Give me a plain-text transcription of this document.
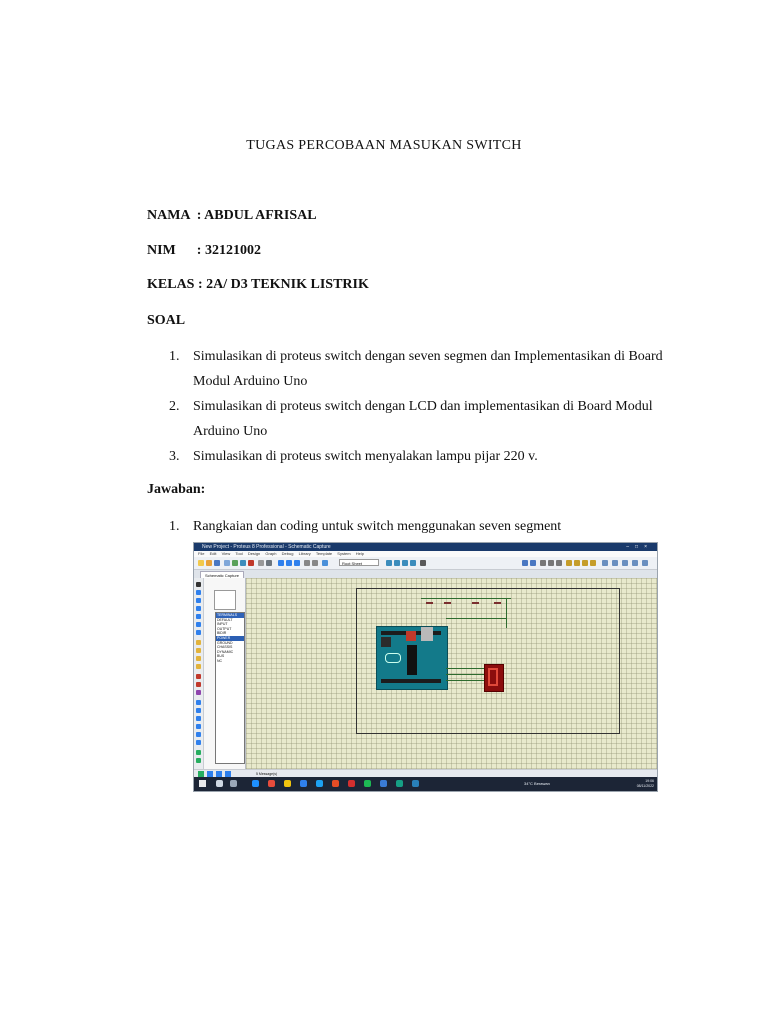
TUGAS PERCOBAAN MASUKAN SWITCH
NAMA  : ABDUL AFRISAL
NIM      : 32121002
KELAS : 2A/ D3 TEKNIK LISTRIK
SOAL
1. Simulasikan di proteus switch dengan seven segmen dan Implementasikan di Board Modul Arduino Uno
2. Simulasikan di proteus switch dengan LCD dan implementasikan di Board Modul Arduino Uno
3. Simulasikan di proteus switch menyalakan lampu pijar 220 v.
Jawaban:
1. Rangkaian dan coding untuk switch menggunakan seven segment
New Project - Proteus 8 Professional - Schematic Capture	–□×
File Edit View Tool Design Graph Debug Library Template System Help
Root Sheet
Schematic Capture
TERMINALS
DEFAULT
INPUT
OUTPUT
BIDIR
POWER
GROUND
CHASSIS
DYNAMIC
BUS
NC
5 Message(s)
34°C Berawan	19:06
08/11/2022
